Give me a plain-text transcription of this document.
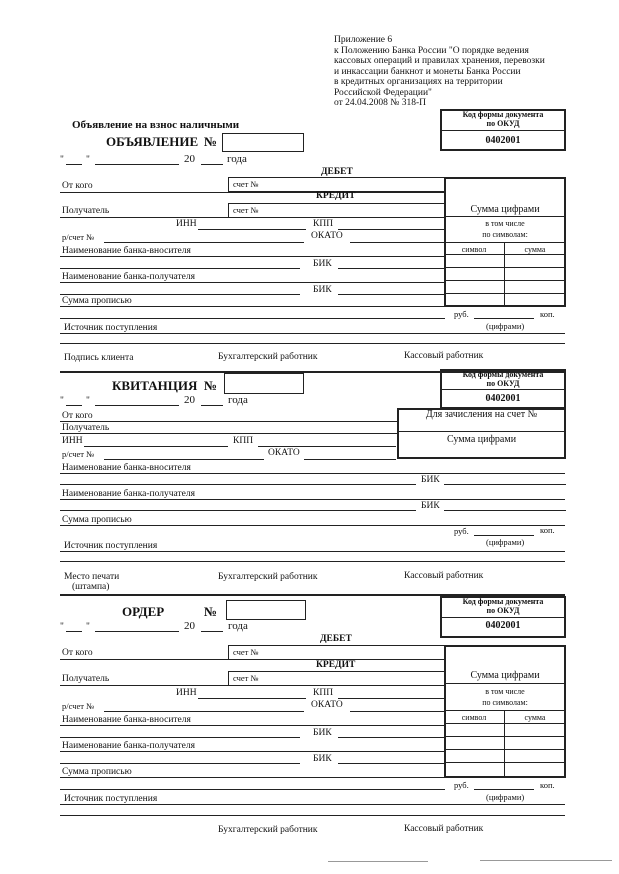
Приложение 6
к Положению Банка России "О порядке ведения
кассовых операций и правилах хранения, перевозки
и инкассации банкнот и монеты Банка России
в кредитных организациях на территории
Российской Федерации"
от 24.04.2008 № 318-П
Объявление на взнос наличными
Код формы документа
по ОКУД
0402001
ОБЪЯВЛЕНИЕ №
" "	20	года
ДЕБЕТ
От кого	счет №
КРЕДИТ
Получатель	счет №
ИНН	КПП
р/счет №	ОКАТО
Наименование банка-вносителя
БИК
Наименование банка-получателя
БИК
Сумма прописью
руб.	коп.
Источник поступления	(цифрами)
Сумма цифрами
в том числе
по символам:
символ	сумма
Подпись клиента	Бухгалтерский работник	Кассовый работник
Код формы документа
по ОКУД
0402001
КВИТАНЦИЯ №
" "	20	года
От кого
Получатель
ИНН	КПП
р/счет №	ОКАТО
Для зачисления на счет №
Сумма цифрами
Наименование банка-вносителя
БИК
Наименование банка-получателя
БИК
Сумма прописью
руб.	коп.
Источник поступления	(цифрами)
Место печати
(штампа)
Бухгалтерский работник	Кассовый работник
Код формы документа
по ОКУД
0402001
ОРДЕР	№
" "	20	года
ДЕБЕТ
От кого	счет №
КРЕДИТ
Получатель	счет №
ИНН	КПП
р/счет №	ОКАТО
Наименование банка-вносителя
БИК
Наименование банка-получателя
БИК
Сумма прописью
руб.	коп.
Источник поступления	(цифрами)
Сумма цифрами
в том числе
по символам:
символ	сумма
Бухгалтерский работник	Кассовый работник
